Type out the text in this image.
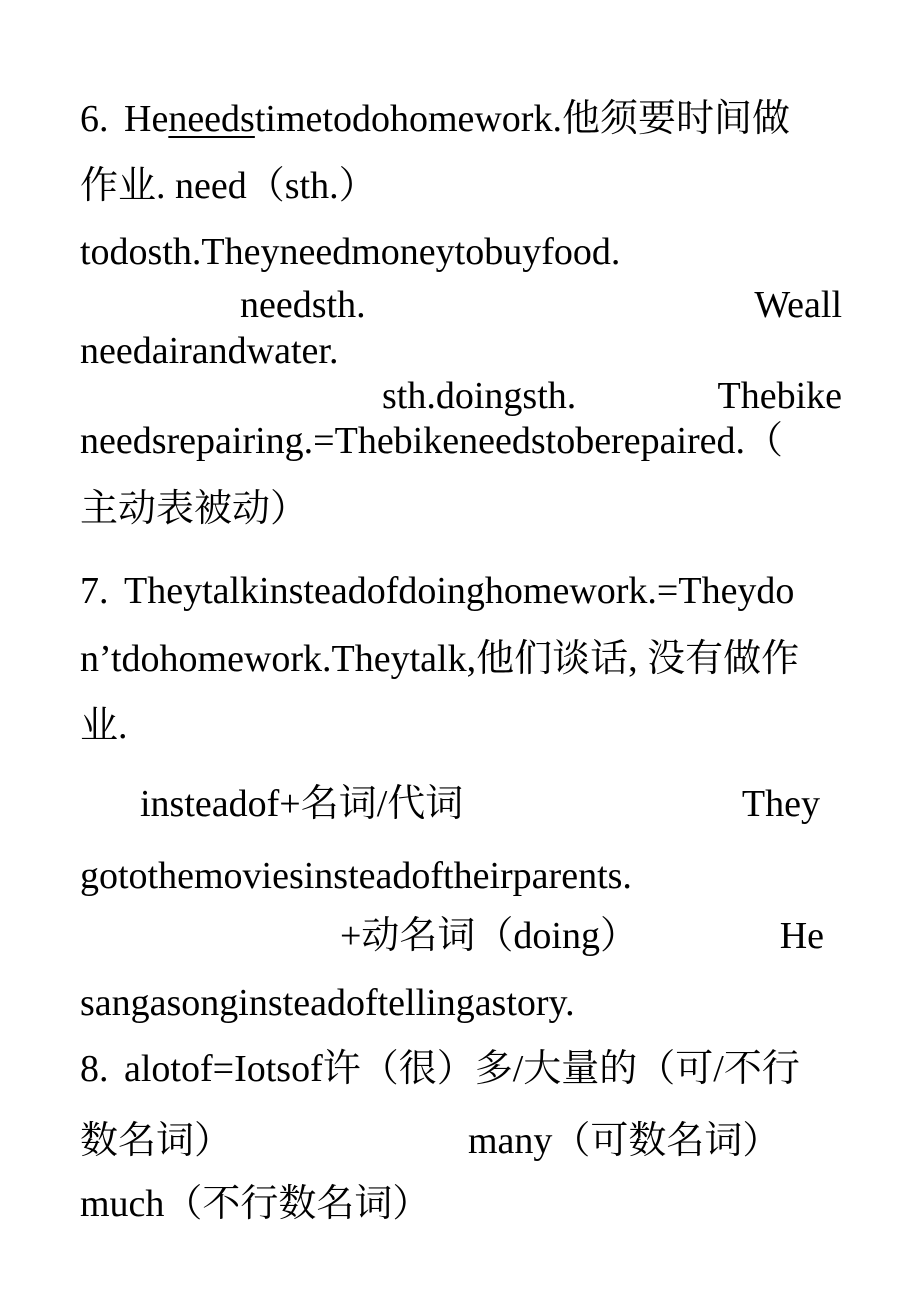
6. Heneedstimetodohomework.他须要时间做
作业. need（sth.）
todosth.Theyneedmoneytobuyfood.
needsth.	Weall
needairandwater.
sth.doingsth.	Thebike
needsrepairing.=Thebikeneedstoberepaired.（
主动表被动）
7. Theytalkinsteadofdoinghomework.=Theydo
n’tdohomework.Theytalk,他们谈话, 没有做作
业.
insteadof+名词/代词	They
gotothemoviesinsteadoftheirparents.
+动名词（doing）	He
sangasonginsteadoftellingastory.
8. alotof=Iotsof许（很）多/大量的（可/不行
数名词）	many（可数名词）
much（不行数名词）
